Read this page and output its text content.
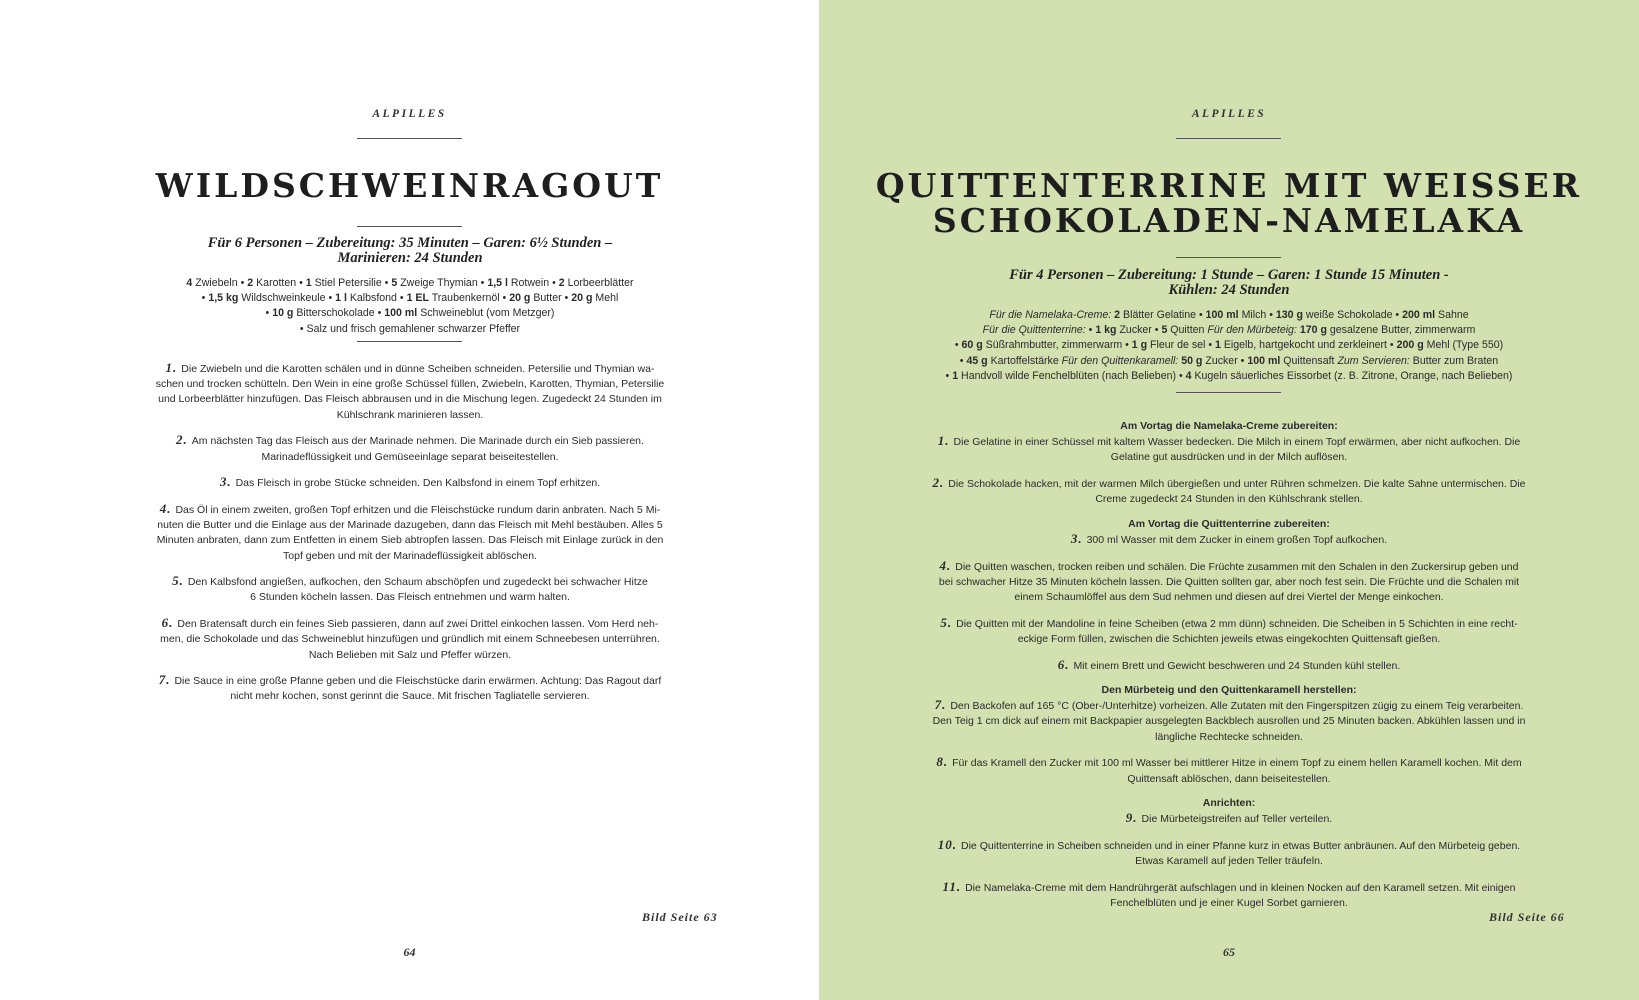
ALPILLES
WILDSCHWEINRAGOUT
Für 6 Personen – Zubereitung: 35 Minuten – Garen: 6½ Stunden –
Marinieren: 24 Stunden
4 Zwiebeln • 2 Karotten • 1 Stiel Petersilie • 5 Zweige Thymian • 1,5 l Rotwein • 2 Lorbeerblätter
• 1,5 kg Wildschweinkeule • 1 l Kalbsfond • 1 EL Traubenkernöl • 20 g Butter • 20 g Mehl
• 10 g Bitterschokolade • 100 ml Schweineblut (vom Metzger)
• Salz und frisch gemahlener schwarzer Pfeffer
1. Die Zwiebeln und die Karotten schälen und in dünne Scheiben schneiden. Petersilie und Thymian wa-
schen und trocken schütteln. Den Wein in eine große Schüssel füllen, Zwiebeln, Karotten, Thymian, Petersilie
und Lorbeerblätter hinzufügen. Das Fleisch abbrausen und in die Mischung legen. Zugedeckt 24 Stunden im
Kühlschrank marinieren lassen.
2. Am nächsten Tag das Fleisch aus der Marinade nehmen. Die Marinade durch ein Sieb passieren.
Marinadeflüssigkeit und Gemüseeinlage separat beiseitestellen.
3. Das Fleisch in grobe Stücke schneiden. Den Kalbsfond in einem Topf erhitzen.
4. Das Öl in einem zweiten, großen Topf erhitzen und die Fleischstücke rundum darin anbraten. Nach 5 Mi-
nuten die Butter und die Einlage aus der Marinade dazugeben, dann das Fleisch mit Mehl bestäuben. Alles 5
Minuten anbraten, dann zum Entfetten in einem Sieb abtropfen lassen. Das Fleisch mit Einlage zurück in den
Topf geben und mit der Marinadeflüssigkeit ablöschen.
5. Den Kalbsfond angießen, aufkochen, den Schaum abschöpfen und zugedeckt bei schwacher Hitze
6 Stunden köcheln lassen. Das Fleisch entnehmen und warm halten.
6. Den Bratensaft durch ein feines Sieb passieren, dann auf zwei Drittel einkochen lassen. Vom Herd neh-
men, die Schokolade und das Schweineblut hinzufügen und gründlich mit einem Schneebesen unterrühren.
Nach Belieben mit Salz und Pfeffer würzen.
7. Die Sauce in eine große Pfanne geben und die Fleischstücke darin erwärmen. Achtung: Das Ragout darf
nicht mehr kochen, sonst gerinnt die Sauce. Mit frischen Tagliatelle servieren.
Bild Seite 63
64
ALPILLES
QUITTENTERRINE MIT WEISSER
SCHOKOLADEN-NAMELAKA
Für 4 Personen – Zubereitung: 1 Stunde – Garen: 1 Stunde 15 Minuten -
Kühlen: 24 Stunden
Für die Namelaka-Creme: 2 Blätter Gelatine • 100 ml Milch • 130 g weiße Schokolade • 200 ml Sahne
Für die Quittenterrine: • 1 kg Zucker • 5 Quitten Für den Mürbeteig: 170 g gesalzene Butter, zimmerwarm
• 60 g Süßrahmbutter, zimmerwarm • 1 g Fleur de sel • 1 Eigelb, hartgekocht und zerkleinert • 200 g Mehl (Type 550)
• 45 g Kartoffelstärke Für den Quittenkaramell: 50 g Zucker • 100 ml Quittensaft Zum Servieren: Butter zum Braten
• 1 Handvoll wilde Fenchelblüten (nach Belieben) • 4 Kugeln säuerliches Eissorbet (z. B. Zitrone, Orange, nach Belieben)
Am Vortag die Namelaka-Creme zubereiten:
1. Die Gelatine in einer Schüssel mit kaltem Wasser bedecken. Die Milch in einem Topf erwärmen, aber nicht aufkochen. Die
Gelatine gut ausdrücken und in der Milch auflösen.
2. Die Schokolade hacken, mit der warmen Milch übergießen und unter Rühren schmelzen. Die kalte Sahne untermischen. Die
Creme zugedeckt 24 Stunden in den Kühlschrank stellen.
Am Vortag die Quittenterrine zubereiten:
3. 300 ml Wasser mit dem Zucker in einem großen Topf aufkochen.
4. Die Quitten waschen, trocken reiben und schälen. Die Früchte zusammen mit den Schalen in den Zuckersirup geben und
bei schwacher Hitze 35 Minuten köcheln lassen. Die Quitten sollten gar, aber noch fest sein. Die Früchte und die Schalen mit
einem Schaumlöffel aus dem Sud nehmen und diesen auf drei Viertel der Menge einkochen.
5. Die Quitten mit der Mandoline in feine Scheiben (etwa 2 mm dünn) schneiden. Die Scheiben in 5 Schichten in eine recht-
eckige Form füllen, zwischen die Schichten jeweils etwas eingekochten Quittensaft gießen.
6. Mit einem Brett und Gewicht beschweren und 24 Stunden kühl stellen.
Den Mürbeteig und den Quittenkaramell herstellen:
7. Den Backofen auf 165 °C (Ober-/Unterhitze) vorheizen. Alle Zutaten mit den Fingerspitzen zügig zu einem Teig verarbeiten.
Den Teig 1 cm dick auf einem mit Backpapier ausgelegten Backblech ausrollen und 25 Minuten backen. Abkühlen lassen und in
längliche Rechtecke schneiden.
8. Für das Kramell den Zucker mit 100 ml Wasser bei mittlerer Hitze in einem Topf zu einem hellen Karamell kochen. Mit dem
Quittensaft ablöschen, dann beiseitestellen.
Anrichten:
9. Die Mürbeteigstreifen auf Teller verteilen.
10. Die Quittenterrine in Scheiben schneiden und in einer Pfanne kurz in etwas Butter anbräunen. Auf den Mürbeteig geben.
Etwas Karamell auf jeden Teller träufeln.
11. Die Namelaka-Creme mit dem Handrührgerät aufschlagen und in kleinen Nocken auf den Karamell setzen. Mit einigen
Fenchelblüten und je einer Kugel Sorbet garnieren.
Bild Seite 66
65
